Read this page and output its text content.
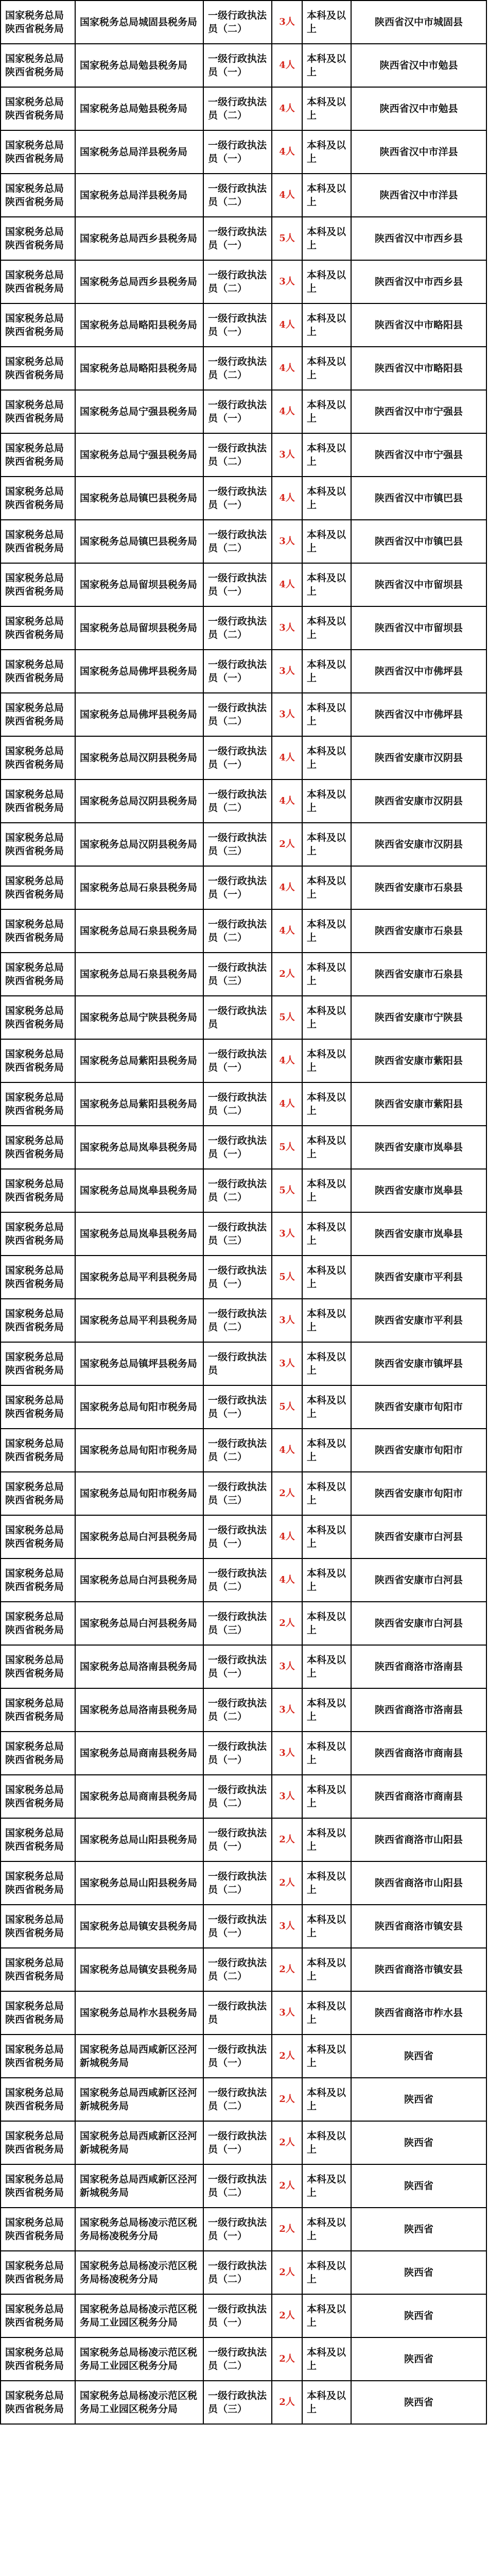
国家税务总局陕西省税务局	国家税务总局城固县税务局	一级行政执法员（二）	3人	本科及以上	陕西省汉中市城固县
国家税务总局陕西省税务局	国家税务总局勉县税务局	一级行政执法员（一）	4人	本科及以上	陕西省汉中市勉县
国家税务总局陕西省税务局	国家税务总局勉县税务局	一级行政执法员（二）	4人	本科及以上	陕西省汉中市勉县
国家税务总局陕西省税务局	国家税务总局洋县税务局	一级行政执法员（一）	4人	本科及以上	陕西省汉中市洋县
国家税务总局陕西省税务局	国家税务总局洋县税务局	一级行政执法员（二）	4人	本科及以上	陕西省汉中市洋县
国家税务总局陕西省税务局	国家税务总局西乡县税务局	一级行政执法员（一）	5人	本科及以上	陕西省汉中市西乡县
国家税务总局陕西省税务局	国家税务总局西乡县税务局	一级行政执法员（二）	3人	本科及以上	陕西省汉中市西乡县
国家税务总局陕西省税务局	国家税务总局略阳县税务局	一级行政执法员（一）	4人	本科及以上	陕西省汉中市略阳县
国家税务总局陕西省税务局	国家税务总局略阳县税务局	一级行政执法员（二）	4人	本科及以上	陕西省汉中市略阳县
国家税务总局陕西省税务局	国家税务总局宁强县税务局	一级行政执法员（一）	4人	本科及以上	陕西省汉中市宁强县
国家税务总局陕西省税务局	国家税务总局宁强县税务局	一级行政执法员（二）	3人	本科及以上	陕西省汉中市宁强县
国家税务总局陕西省税务局	国家税务总局镇巴县税务局	一级行政执法员（一）	4人	本科及以上	陕西省汉中市镇巴县
国家税务总局陕西省税务局	国家税务总局镇巴县税务局	一级行政执法员（二）	3人	本科及以上	陕西省汉中市镇巴县
国家税务总局陕西省税务局	国家税务总局留坝县税务局	一级行政执法员（一）	4人	本科及以上	陕西省汉中市留坝县
国家税务总局陕西省税务局	国家税务总局留坝县税务局	一级行政执法员（二）	3人	本科及以上	陕西省汉中市留坝县
国家税务总局陕西省税务局	国家税务总局佛坪县税务局	一级行政执法员（一）	3人	本科及以上	陕西省汉中市佛坪县
国家税务总局陕西省税务局	国家税务总局佛坪县税务局	一级行政执法员（二）	3人	本科及以上	陕西省汉中市佛坪县
国家税务总局陕西省税务局	国家税务总局汉阴县税务局	一级行政执法员（一）	4人	本科及以上	陕西省安康市汉阴县
国家税务总局陕西省税务局	国家税务总局汉阴县税务局	一级行政执法员（二）	4人	本科及以上	陕西省安康市汉阴县
国家税务总局陕西省税务局	国家税务总局汉阴县税务局	一级行政执法员（三）	2人	本科及以上	陕西省安康市汉阴县
国家税务总局陕西省税务局	国家税务总局石泉县税务局	一级行政执法员（一）	4人	本科及以上	陕西省安康市石泉县
国家税务总局陕西省税务局	国家税务总局石泉县税务局	一级行政执法员（二）	4人	本科及以上	陕西省安康市石泉县
国家税务总局陕西省税务局	国家税务总局石泉县税务局	一级行政执法员（三）	2人	本科及以上	陕西省安康市石泉县
国家税务总局陕西省税务局	国家税务总局宁陕县税务局	一级行政执法员	5人	本科及以上	陕西省安康市宁陕县
国家税务总局陕西省税务局	国家税务总局紫阳县税务局	一级行政执法员（一）	4人	本科及以上	陕西省安康市紫阳县
国家税务总局陕西省税务局	国家税务总局紫阳县税务局	一级行政执法员（二）	4人	本科及以上	陕西省安康市紫阳县
国家税务总局陕西省税务局	国家税务总局岚皋县税务局	一级行政执法员（一）	5人	本科及以上	陕西省安康市岚皋县
国家税务总局陕西省税务局	国家税务总局岚皋县税务局	一级行政执法员（二）	5人	本科及以上	陕西省安康市岚皋县
国家税务总局陕西省税务局	国家税务总局岚皋县税务局	一级行政执法员（三）	3人	本科及以上	陕西省安康市岚皋县
国家税务总局陕西省税务局	国家税务总局平利县税务局	一级行政执法员（一）	5人	本科及以上	陕西省安康市平利县
国家税务总局陕西省税务局	国家税务总局平利县税务局	一级行政执法员（二）	3人	本科及以上	陕西省安康市平利县
国家税务总局陕西省税务局	国家税务总局镇坪县税务局	一级行政执法员	3人	本科及以上	陕西省安康市镇坪县
国家税务总局陕西省税务局	国家税务总局旬阳市税务局	一级行政执法员（一）	5人	本科及以上	陕西省安康市旬阳市
国家税务总局陕西省税务局	国家税务总局旬阳市税务局	一级行政执法员（二）	4人	本科及以上	陕西省安康市旬阳市
国家税务总局陕西省税务局	国家税务总局旬阳市税务局	一级行政执法员（三）	2人	本科及以上	陕西省安康市旬阳市
国家税务总局陕西省税务局	国家税务总局白河县税务局	一级行政执法员（一）	4人	本科及以上	陕西省安康市白河县
国家税务总局陕西省税务局	国家税务总局白河县税务局	一级行政执法员（二）	4人	本科及以上	陕西省安康市白河县
国家税务总局陕西省税务局	国家税务总局白河县税务局	一级行政执法员（三）	2人	本科及以上	陕西省安康市白河县
国家税务总局陕西省税务局	国家税务总局洛南县税务局	一级行政执法员（一）	3人	本科及以上	陕西省商洛市洛南县
国家税务总局陕西省税务局	国家税务总局洛南县税务局	一级行政执法员（二）	3人	本科及以上	陕西省商洛市洛南县
国家税务总局陕西省税务局	国家税务总局商南县税务局	一级行政执法员（一）	3人	本科及以上	陕西省商洛市商南县
国家税务总局陕西省税务局	国家税务总局商南县税务局	一级行政执法员（二）	3人	本科及以上	陕西省商洛市商南县
国家税务总局陕西省税务局	国家税务总局山阳县税务局	一级行政执法员（一）	2人	本科及以上	陕西省商洛市山阳县
国家税务总局陕西省税务局	国家税务总局山阳县税务局	一级行政执法员（二）	2人	本科及以上	陕西省商洛市山阳县
国家税务总局陕西省税务局	国家税务总局镇安县税务局	一级行政执法员（一）	3人	本科及以上	陕西省商洛市镇安县
国家税务总局陕西省税务局	国家税务总局镇安县税务局	一级行政执法员（二）	2人	本科及以上	陕西省商洛市镇安县
国家税务总局陕西省税务局	国家税务总局柞水县税务局	一级行政执法员	3人	本科及以上	陕西省商洛市柞水县
国家税务总局陕西省税务局	国家税务总局西咸新区泾河新城税务局	一级行政执法员（一）	2人	本科及以上	陕西省
国家税务总局陕西省税务局	国家税务总局西咸新区泾河新城税务局	一级行政执法员（二）	2人	本科及以上	陕西省
国家税务总局陕西省税务局	国家税务总局西咸新区泾河新城税务局	一级行政执法员（一）	2人	本科及以上	陕西省
国家税务总局陕西省税务局	国家税务总局西咸新区泾河新城税务局	一级行政执法员（二）	2人	本科及以上	陕西省
国家税务总局陕西省税务局	国家税务总局杨凌示范区税务局杨凌税务分局	一级行政执法员（一）	2人	本科及以上	陕西省
国家税务总局陕西省税务局	国家税务总局杨凌示范区税务局杨凌税务分局	一级行政执法员（二）	2人	本科及以上	陕西省
国家税务总局陕西省税务局	国家税务总局杨凌示范区税务局工业园区税务分局	一级行政执法员（一）	2人	本科及以上	陕西省
国家税务总局陕西省税务局	国家税务总局杨凌示范区税务局工业园区税务分局	一级行政执法员（二）	2人	本科及以上	陕西省
国家税务总局陕西省税务局	国家税务总局杨凌示范区税务局工业园区税务分局	一级行政执法员（三）	2人	本科及以上	陕西省
